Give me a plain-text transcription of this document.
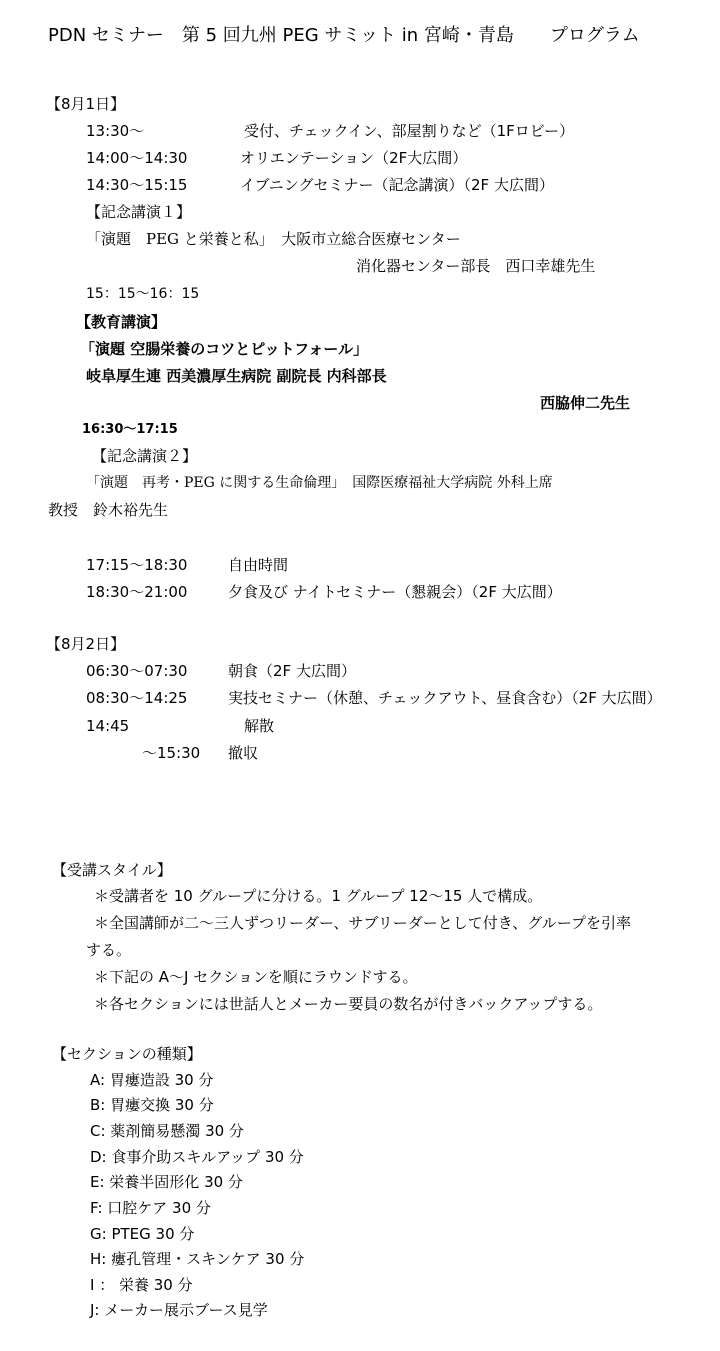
PDN セミナー　第 5 回九州 PEG サミット in 宮崎・青島　　プログラム
【8月1日】
13:30～	受付、チェックイン、部屋割りなど（1Fロビー）
14:00～14:30	オリエンテーション（2F大広間）
14:30～15:15	イブニングセミナー（記念講演）（2F 大広間）
【記念講演１】
「演題　PEG と栄養と私」　大阪市立総合医療センター
消化器センター部長　西口幸雄先生
15：15～16：15
【教育講演】
「演題 空腸栄養のコツとピットフォール」
岐阜厚生連 西美濃厚生病院 副院長 内科部長
西脇伸二先生
16:30～17:15
【記念講演２】
「演題　再考・PEG に関する生命倫理」　国際医療福祉大学病院 外科上席
教授　鈴木裕先生
17:15～18:30	自由時間
18:30～21:00	夕食及び ナイトセミナー（懇親会）（2F 大広間）
【8月2日】
06:30～07:30	朝食（2F 大広間）
08:30～14:25	実技セミナー（休憩、チェックアウト、昼食含む）（2F 大広間）
14:45	解散
～15:30 撤収
【受講スタイル】
＊受講者を 10 グループに分ける。1 グループ 12～15 人で構成。
＊全国講師が二～三人ずつリーダー、サブリーダーとして付き、グループを引率
する。
＊下記の A～J セクションを順にラウンドする。
＊各セクションには世話人とメーカー要員の数名が付きバックアップする。
【セクションの種類】
A: 胃瘻造設 30 分
B: 胃瘻交換 30 分
C: 薬剤簡易懸濁 30 分
D: 食事介助スキルアップ 30 分
E: 栄養半固形化 30 分
F: 口腔ケア 30 分
G: PTEG 30 分
H: 瘻孔管理・スキンケア 30 分
I ： 栄養 30 分
J: メーカー展示ブース見学
